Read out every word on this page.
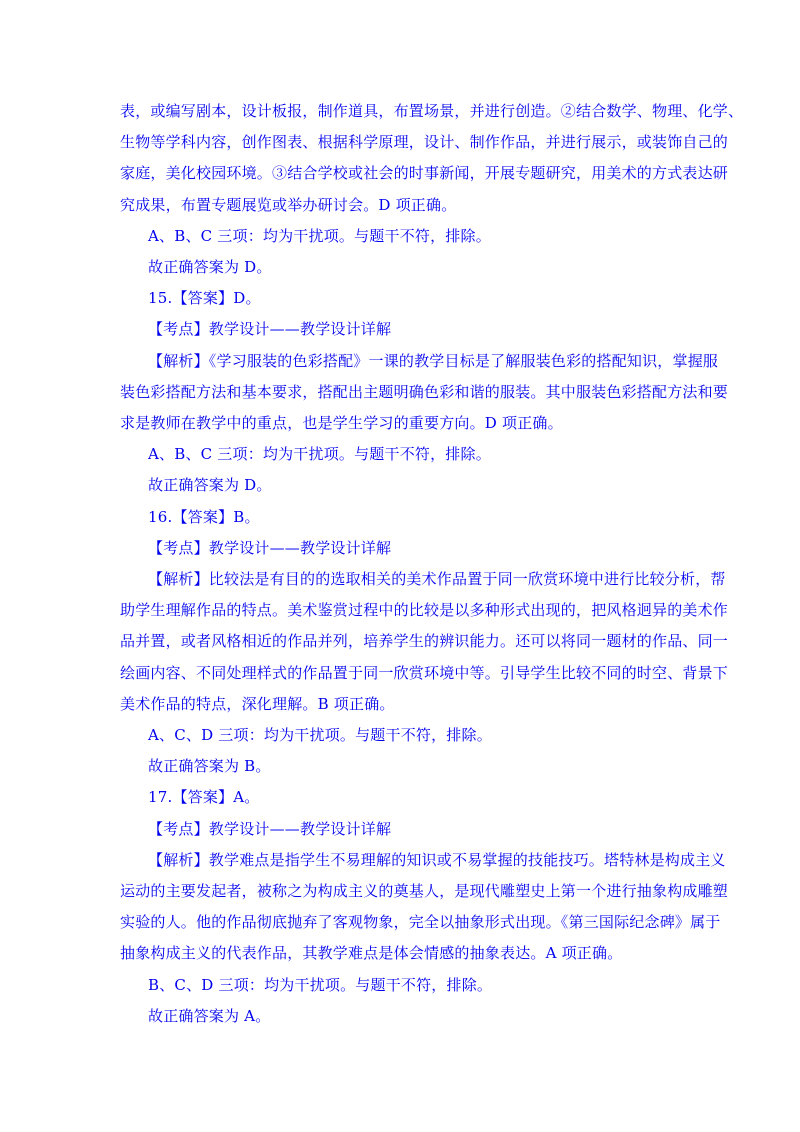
表，或编写剧本，设计板报，制作道具，布置场景，并进行创造。②结合数学、物理、化学、
生物等学科内容，创作图表、根据科学原理，设计、制作作品，并进行展示，或装饰自己的
家庭，美化校园环境。③结合学校或社会的时事新闻，开展专题研究，用美术的方式表达研
究成果，布置专题展览或举办研讨会。D 项正确。
A、B、C 三项：均为干扰项。与题干不符，排除。
故正确答案为 D。
15.【答案】D。
【考点】教学设计——教学设计详解
【解析】《学习服装的色彩搭配》一课的教学目标是了解服装色彩的搭配知识，掌握服
装色彩搭配方法和基本要求，搭配出主题明确色彩和谐的服装。其中服装色彩搭配方法和要
求是教师在教学中的重点，也是学生学习的重要方向。D 项正确。
A、B、C 三项：均为干扰项。与题干不符，排除。
故正确答案为 D。
16.【答案】B。
【考点】教学设计——教学设计详解
【解析】比较法是有目的的选取相关的美术作品置于同一欣赏环境中进行比较分析，帮
助学生理解作品的特点。美术鉴赏过程中的比较是以多种形式出现的，把风格迥异的美术作
品并置，或者风格相近的作品并列，培养学生的辨识能力。还可以将同一题材的作品、同一
绘画内容、不同处理样式的作品置于同一欣赏环境中等。引导学生比较不同的时空、背景下
美术作品的特点，深化理解。B 项正确。
A、C、D 三项：均为干扰项。与题干不符，排除。
故正确答案为 B。
17.【答案】A。
【考点】教学设计——教学设计详解
【解析】教学难点是指学生不易理解的知识或不易掌握的技能技巧。塔特林是构成主义
运动的主要发起者，被称之为构成主义的奠基人，是现代雕塑史上第一个进行抽象构成雕塑
实验的人。他的作品彻底抛弃了客观物象，完全以抽象形式出现。《第三国际纪念碑》属于
抽象构成主义的代表作品，其教学难点是体会情感的抽象表达。A 项正确。
B、C、D 三项：均为干扰项。与题干不符，排除。
故正确答案为 A。
